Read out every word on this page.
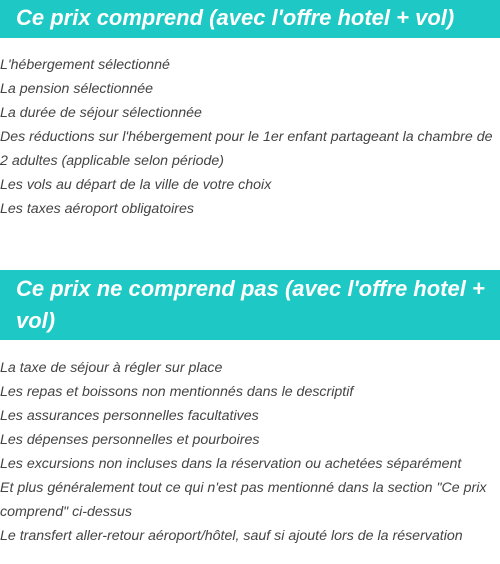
Ce prix comprend (avec l'offre hotel + vol)
L'hébergement sélectionné
La pension sélectionnée
La durée de séjour sélectionnée
Des réductions sur l'hébergement pour le 1er enfant partageant la chambre de 2 adultes (applicable selon période)
Les vols au départ de la ville de votre choix
Les taxes aéroport obligatoires
Ce prix ne comprend pas (avec l'offre hotel + vol)
La taxe de séjour à régler sur place
Les repas et boissons non mentionnés dans le descriptif
Les assurances personnelles facultatives
Les dépenses personnelles et pourboires
Les excursions non incluses dans la réservation ou achetées séparément
Et plus généralement tout ce qui n'est pas mentionné dans la section "Ce prix comprend" ci-dessus
Le transfert aller-retour aéroport/hôtel, sauf si ajouté lors de la réservation
